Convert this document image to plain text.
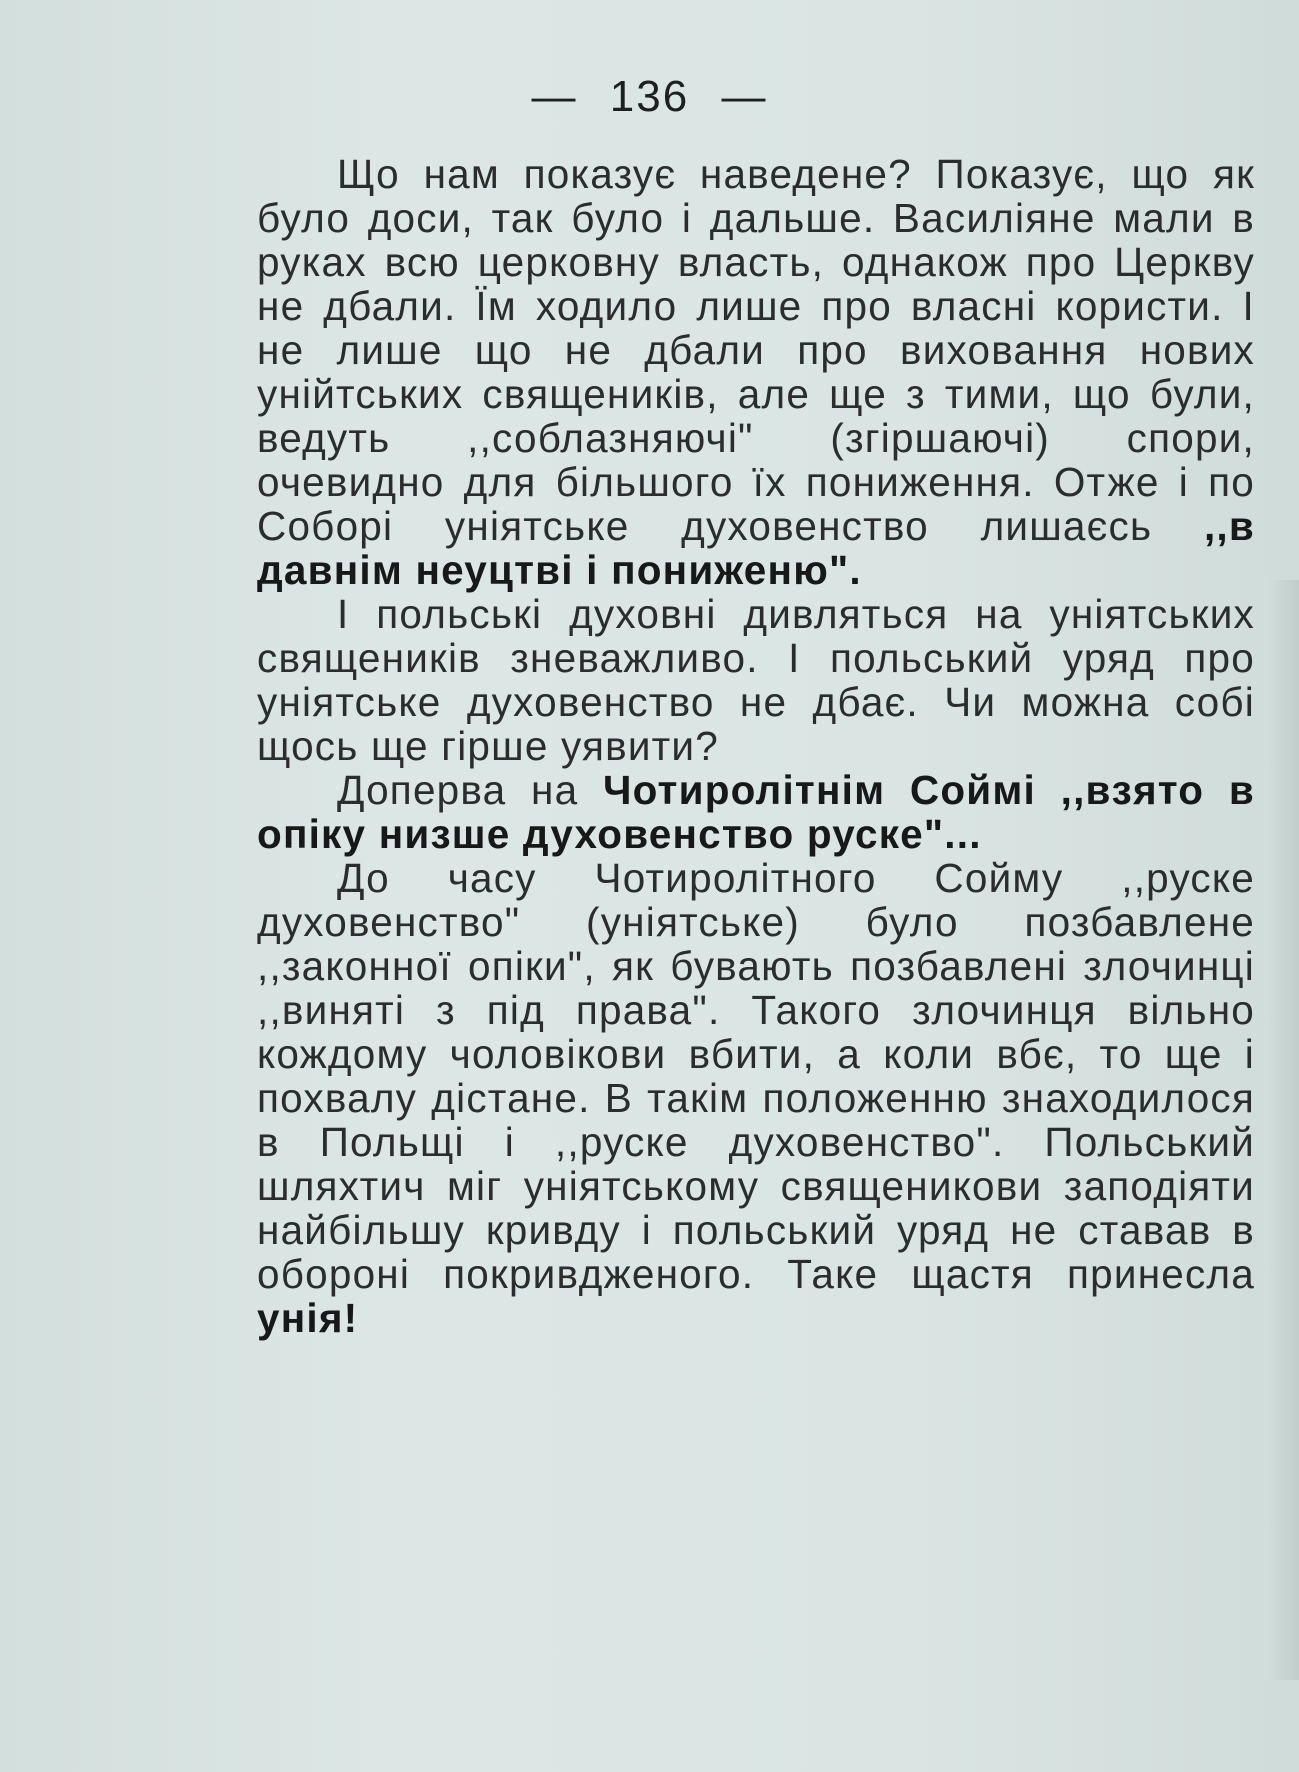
— 136 —

Що нам показує наведене? Показує, що як було доси, так було і дальше. Василіяне мали в руках всю церковну власть, однакож про Церкву не дбали. Їм ходило лише про власні користи. І не лише що не дбали про виховання нових унійтських священиків, але ще з тими, що були, ведуть ,,соблазняючі" (згіршаючі) спори, очевидно для більшого їх пониження. Отже і по Соборі уніятське духовенство лишаєсь ,,в давнім неуцтві і пониженю".

І польські духовні дивляться на уніятських священиків зневажливо. І польський уряд про уніятське духовенство не дбає. Чи можна собі щось ще гірше уявити?

Доперва на Чотиролітнім Соймі ,,взято в опіку низше духовенство руске"...

До часу Чотиролітного Сойму ,,руске духовенство" (уніятське) було позбавлене ,,законної опіки", як бувають позбавлені злочинці ,,виняті з під права". Такого злочинця вільно кождому чоловікови вбити, а коли вбє, то ще і похвалу дістане. В такім положенню знаходилося в Польщі і ,,руске духовенство". Польський шляхтич міг уніятському священикови заподіяти найбільшу кривду і польський уряд не ставав в обороні покривдженого. Таке щастя принесла унія!
